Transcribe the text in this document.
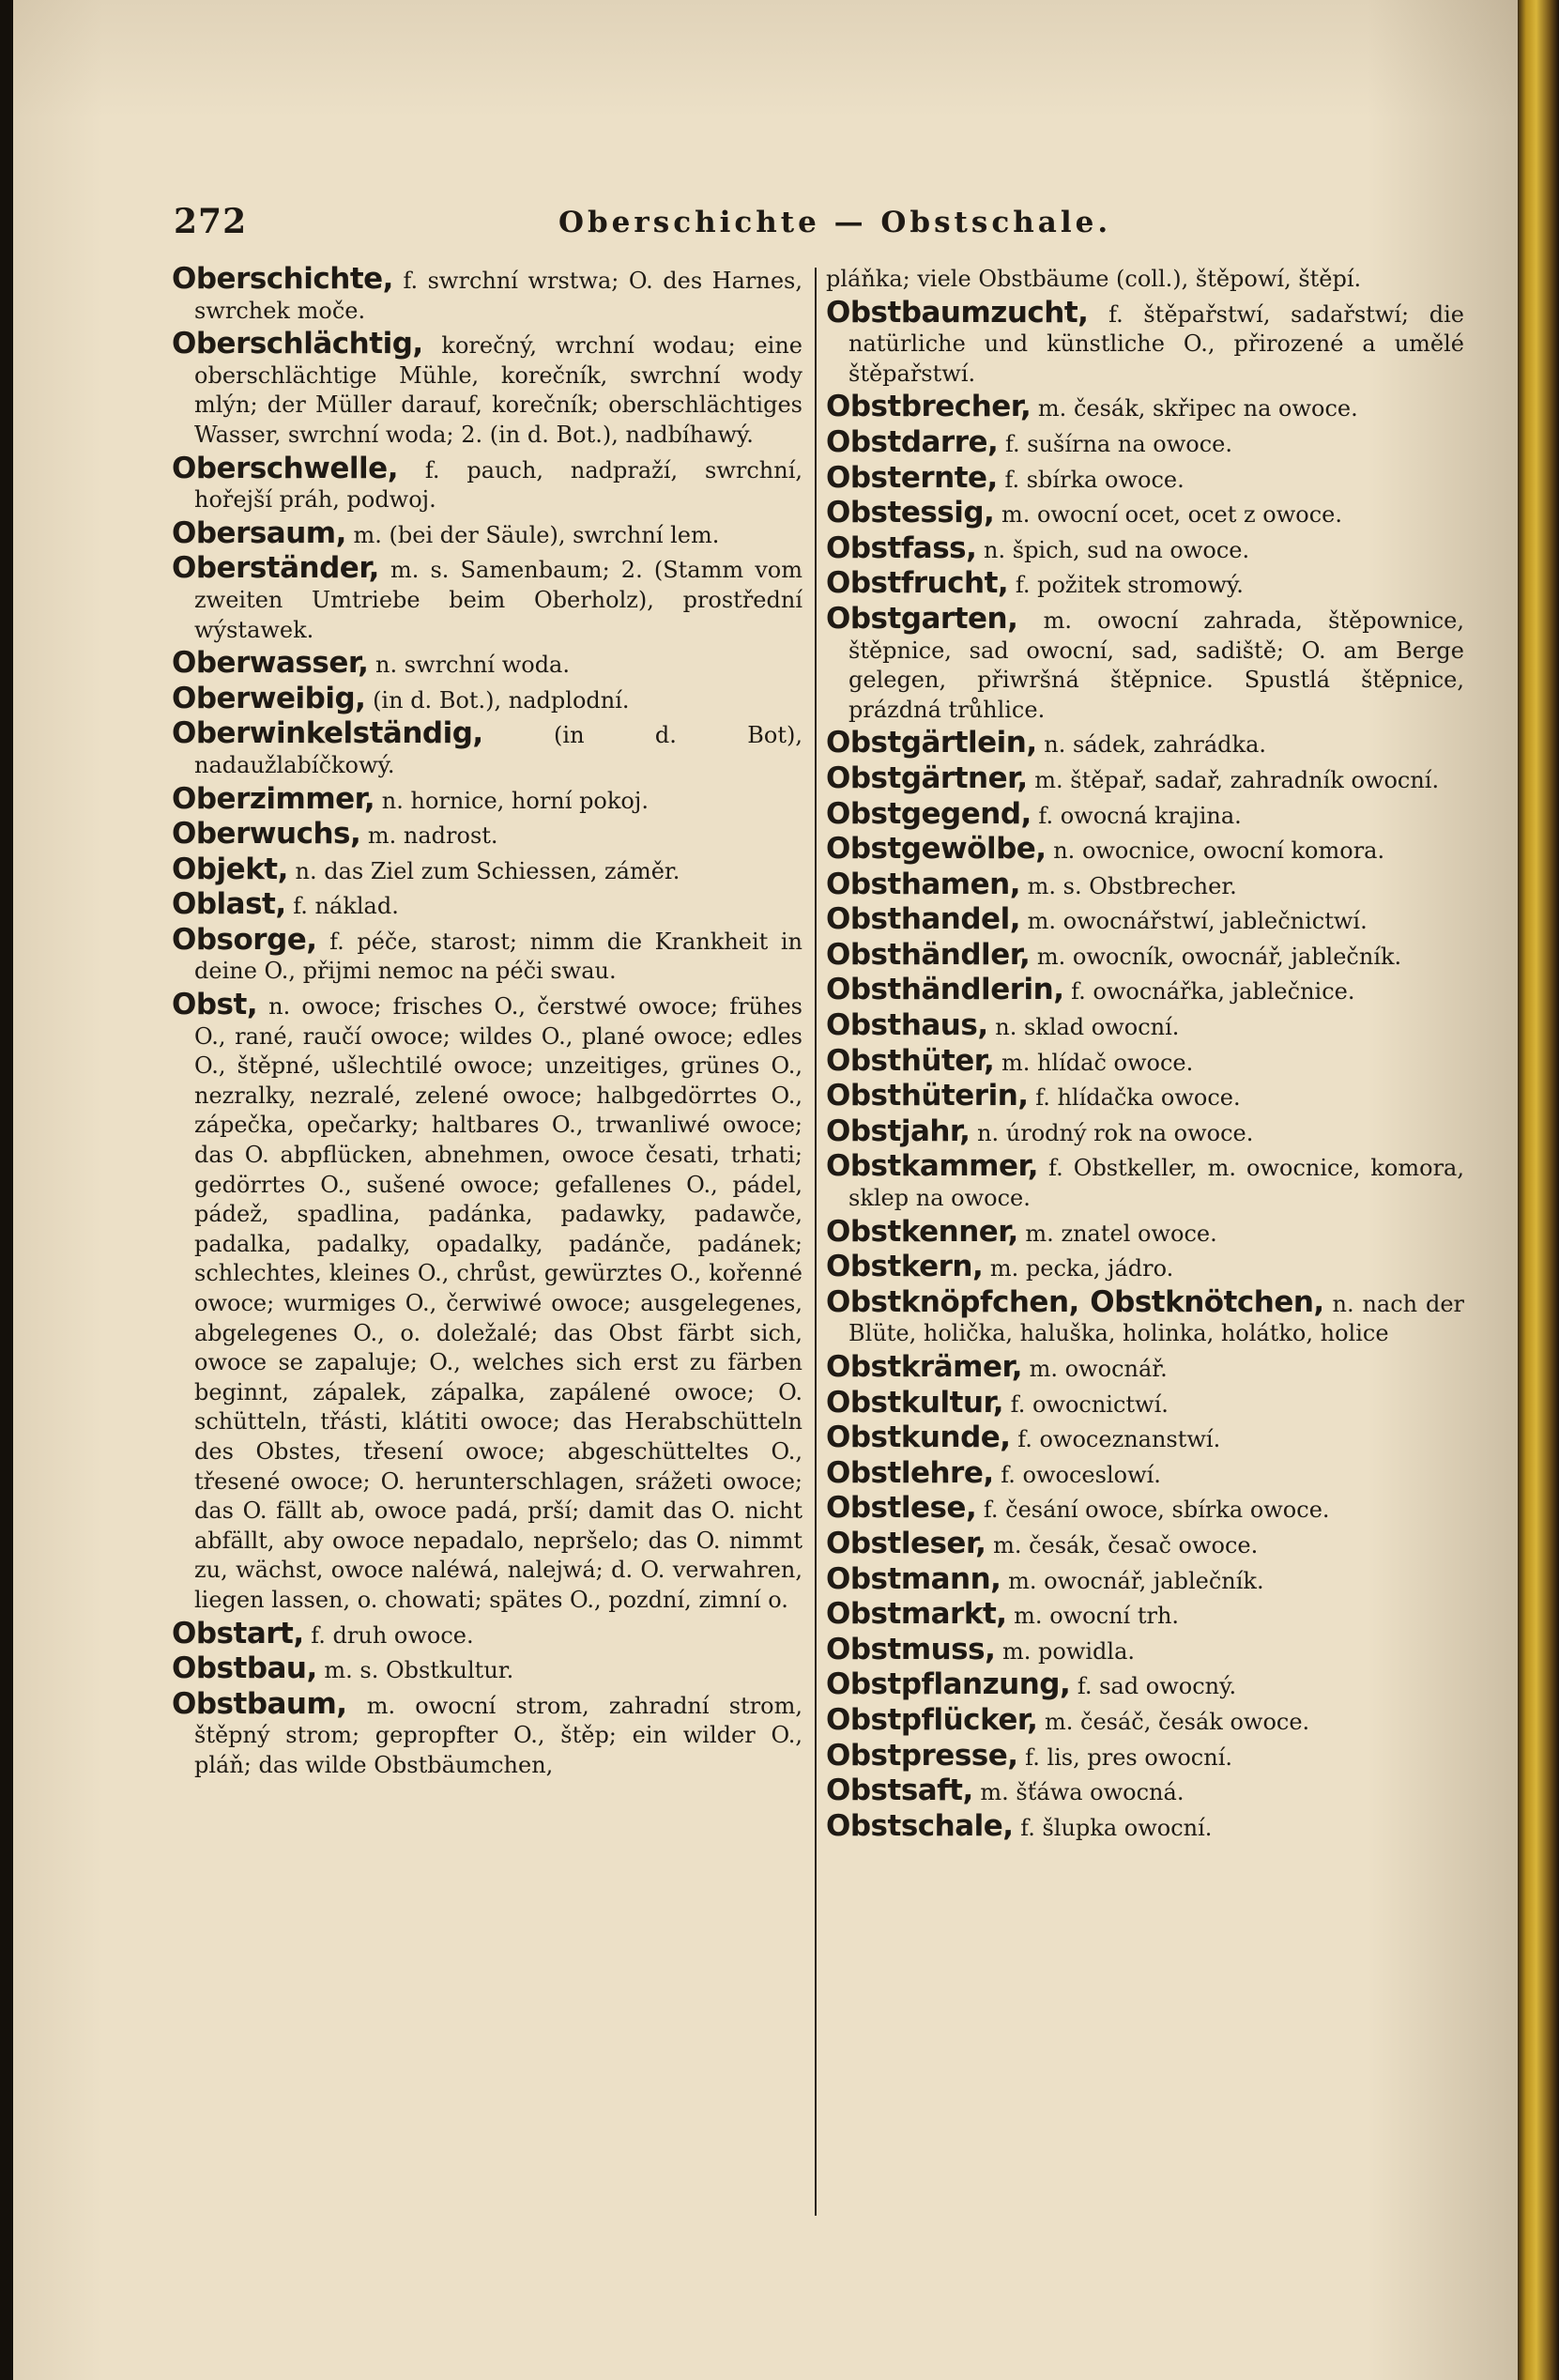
272	Oberschichte — Obstschale.

Oberschichte, f. swrchní wrstwa; O. des Harnes, swrchek moče.

Oberschlächtig, korečný, wrchní wodau; eine oberschlächtige Mühle, korečník, swrchní wody mlýn; der Müller darauf, korečník; oberschlächtiges Wasser, swrchní woda; 2. (in d. Bot.), nadbíhawý.

Oberschwelle, f. pauch, nadpraží, swrchní, hořejší práh, podwoj.

Obersaum, m. (bei der Säule), swrchní lem.

Oberständer, m. s. Samenbaum; 2. (Stamm vom zweiten Umtriebe beim Oberholz), prostřední wýstawek.

Oberwasser, n. swrchní woda.

Oberweibig, (in d. Bot.), nadplodní.

Oberwinkelständig, (in d. Bot), nadaužlabíčkowý.

Oberzimmer, n. hornice, horní pokoj.

Oberwuchs, m. nadrost.

Objekt, n. das Ziel zum Schiessen, záměr.

Oblast, f. náklad.

Obsorge, f. péče, starost; nimm die Krankheit in deine O., přijmi nemoc na péči swau.

Obst, n. owoce; frisches O., čerstwé owoce; frühes O., rané, raučí owoce; wildes O., plané owoce; edles O., štěpné, ušlechtilé owoce; unzeitiges, grünes O., nezralky, nezralé, zelené owoce; halbgedörrtes O., zápečka, opečarky; haltbares O., trwanliwé owoce; das O. abpflücken, abnehmen, owoce česati, trhati; gedörrtes O., sušené owoce; gefallenes O., pádel, pádež, spadlina, padánka, padawky, padawče, padalka, padalky, opadalky, padánče, padánek; schlechtes, kleines O., chrůst, gewürztes O., kořenné owoce; wurmiges O., čerwiwé owoce; ausgelegenes, abgelegenes O., o. doležalé; das Obst färbt sich, owoce se zapaluje; O., welches sich erst zu färben beginnt, zápalek, zápalka, zapálené owoce; O. schütteln, třásti, klátiti owoce; das Herabschütteln des Obstes, třesení owoce; abgeschütteltes O., třesené owoce; O. herunterschlagen, srážeti owoce; das O. fällt ab, owoce padá, prší; damit das O. nicht abfällt, aby owoce nepadalo, nepršelo; das O. nimmt zu, wächst, owoce naléwá, nalejwá; d. O. verwahren, liegen lassen, o. chowati; spätes O., pozdní, zimní o.

Obstart, f. druh owoce.

Obstbau, m. s. Obstkultur.

Obstbaum, m. owocní strom, zahradní strom, štěpný strom; gepropfter O., štěp; ein wilder O., pláň; das wilde Obstbäumchen,

pláňka; viele Obstbäume (coll.), štěpowí, štěpí.

Obstbaumzucht, f. štěpařstwí, sadařstwí; die natürliche und künstliche O., přirozené a umělé štěpařstwí.

Obstbrecher, m. česák, skřipec na owoce.

Obstdarre, f. sušírna na owoce.

Obsternte, f. sbírka owoce.

Obstessig, m. owocní ocet, ocet z owoce.

Obstfass, n. špich, sud na owoce.

Obstfrucht, f. požitek stromowý.

Obstgarten, m. owocní zahrada, štěpownice, štěpnice, sad owocní, sad, sadiště; O. am Berge gelegen, přiwršná štěpnice. Spustlá štěpnice, prázdná trůhlice.

Obstgärtlein, n. sádek, zahrádka.

Obstgärtner, m. štěpař, sadař, zahradník owocní.

Obstgegend, f. owocná krajina.

Obstgewölbe, n. owocnice, owocní komora.

Obsthamen, m. s. Obstbrecher.

Obsthandel, m. owocnářstwí, jablečnictwí.

Obsthändler, m. owocník, owocnář, jablečník.

Obsthändlerin, f. owocnářka, jablečnice.

Obsthaus, n. sklad owocní.

Obsthüter, m. hlídač owoce.

Obsthüterin, f. hlídačka owoce.

Obstjahr, n. úrodný rok na owoce.

Obstkammer, f. Obstkeller, m. owocnice, komora, sklep na owoce.

Obstkenner, m. znatel owoce.

Obstkern, m. pecka, jádro.

Obstknöpfchen, Obstknötchen, n. nach der Blüte, holička, haluška, holinka, holátko, holice

Obstkrämer, m. owocnář.

Obstkultur, f. owocnictwí.

Obstkunde, f. owoceznanstwí.

Obstlehre, f. owoceslowí.

Obstlese, f. česání owoce, sbírka owoce.

Obstleser, m. česák, česač owoce.

Obstmann, m. owocnář, jablečník.

Obstmarkt, m. owocní trh.

Obstmuss, m. powidla.

Obstpflanzung, f. sad owocný.

Obstpflücker, m. česáč, česák owoce.

Obstpresse, f. lis, pres owocní.

Obstsaft, m. šťáwa owocná.

Obstschale, f. šlupka owocní.
